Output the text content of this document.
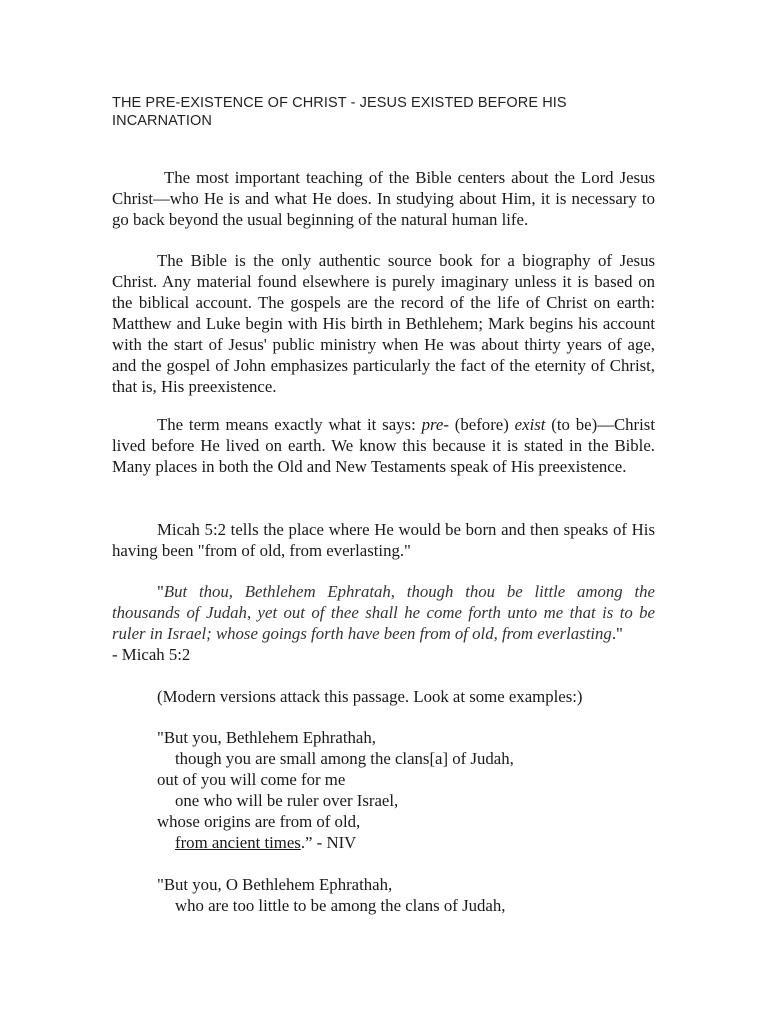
THE PRE-EXISTENCE OF CHRIST - JESUS EXISTED BEFORE HIS INCARNATION

The most important teaching of the Bible centers about the Lord Jesus Christ—who He is and what He does. In studying about Him, it is necessary to go back beyond the usual beginning of the natural human life.

The Bible is the only authentic source book for a biography of Jesus Christ. Any material found elsewhere is purely imaginary unless it is based on the biblical account. The gospels are the record of the life of Christ on earth: Matthew and Luke begin with His birth in Bethlehem; Mark begins his account with the start of Jesus' public ministry when He was about thirty years of age, and the gospel of John emphasizes particularly the fact of the eternity of Christ, that is, His preexistence.

The term means exactly what it says: pre- (before) exist (to be)—Christ lived before He lived on earth. We know this because it is stated in the Bible. Many places in both the Old and New Testaments speak of His preexistence.

Micah 5:2 tells the place where He would be born and then speaks of His having been "from of old, from everlasting."

"But thou, Bethlehem Ephratah, though thou be little among the thousands of Judah, yet out of thee shall he come forth unto me that is to be ruler in Israel; whose goings forth have been from of old, from everlasting."

- Micah 5:2

(Modern versions attack this passage. Look at some examples:)

"But you, Bethlehem Ephrathah,
though you are small among the clans[a] of Judah,
out of you will come for me
one who will be ruler over Israel,
whose origins are from of old,
from ancient times.” - NIV
"But you, O Bethlehem Ephrathah,
who are too little to be among the clans of Judah,
